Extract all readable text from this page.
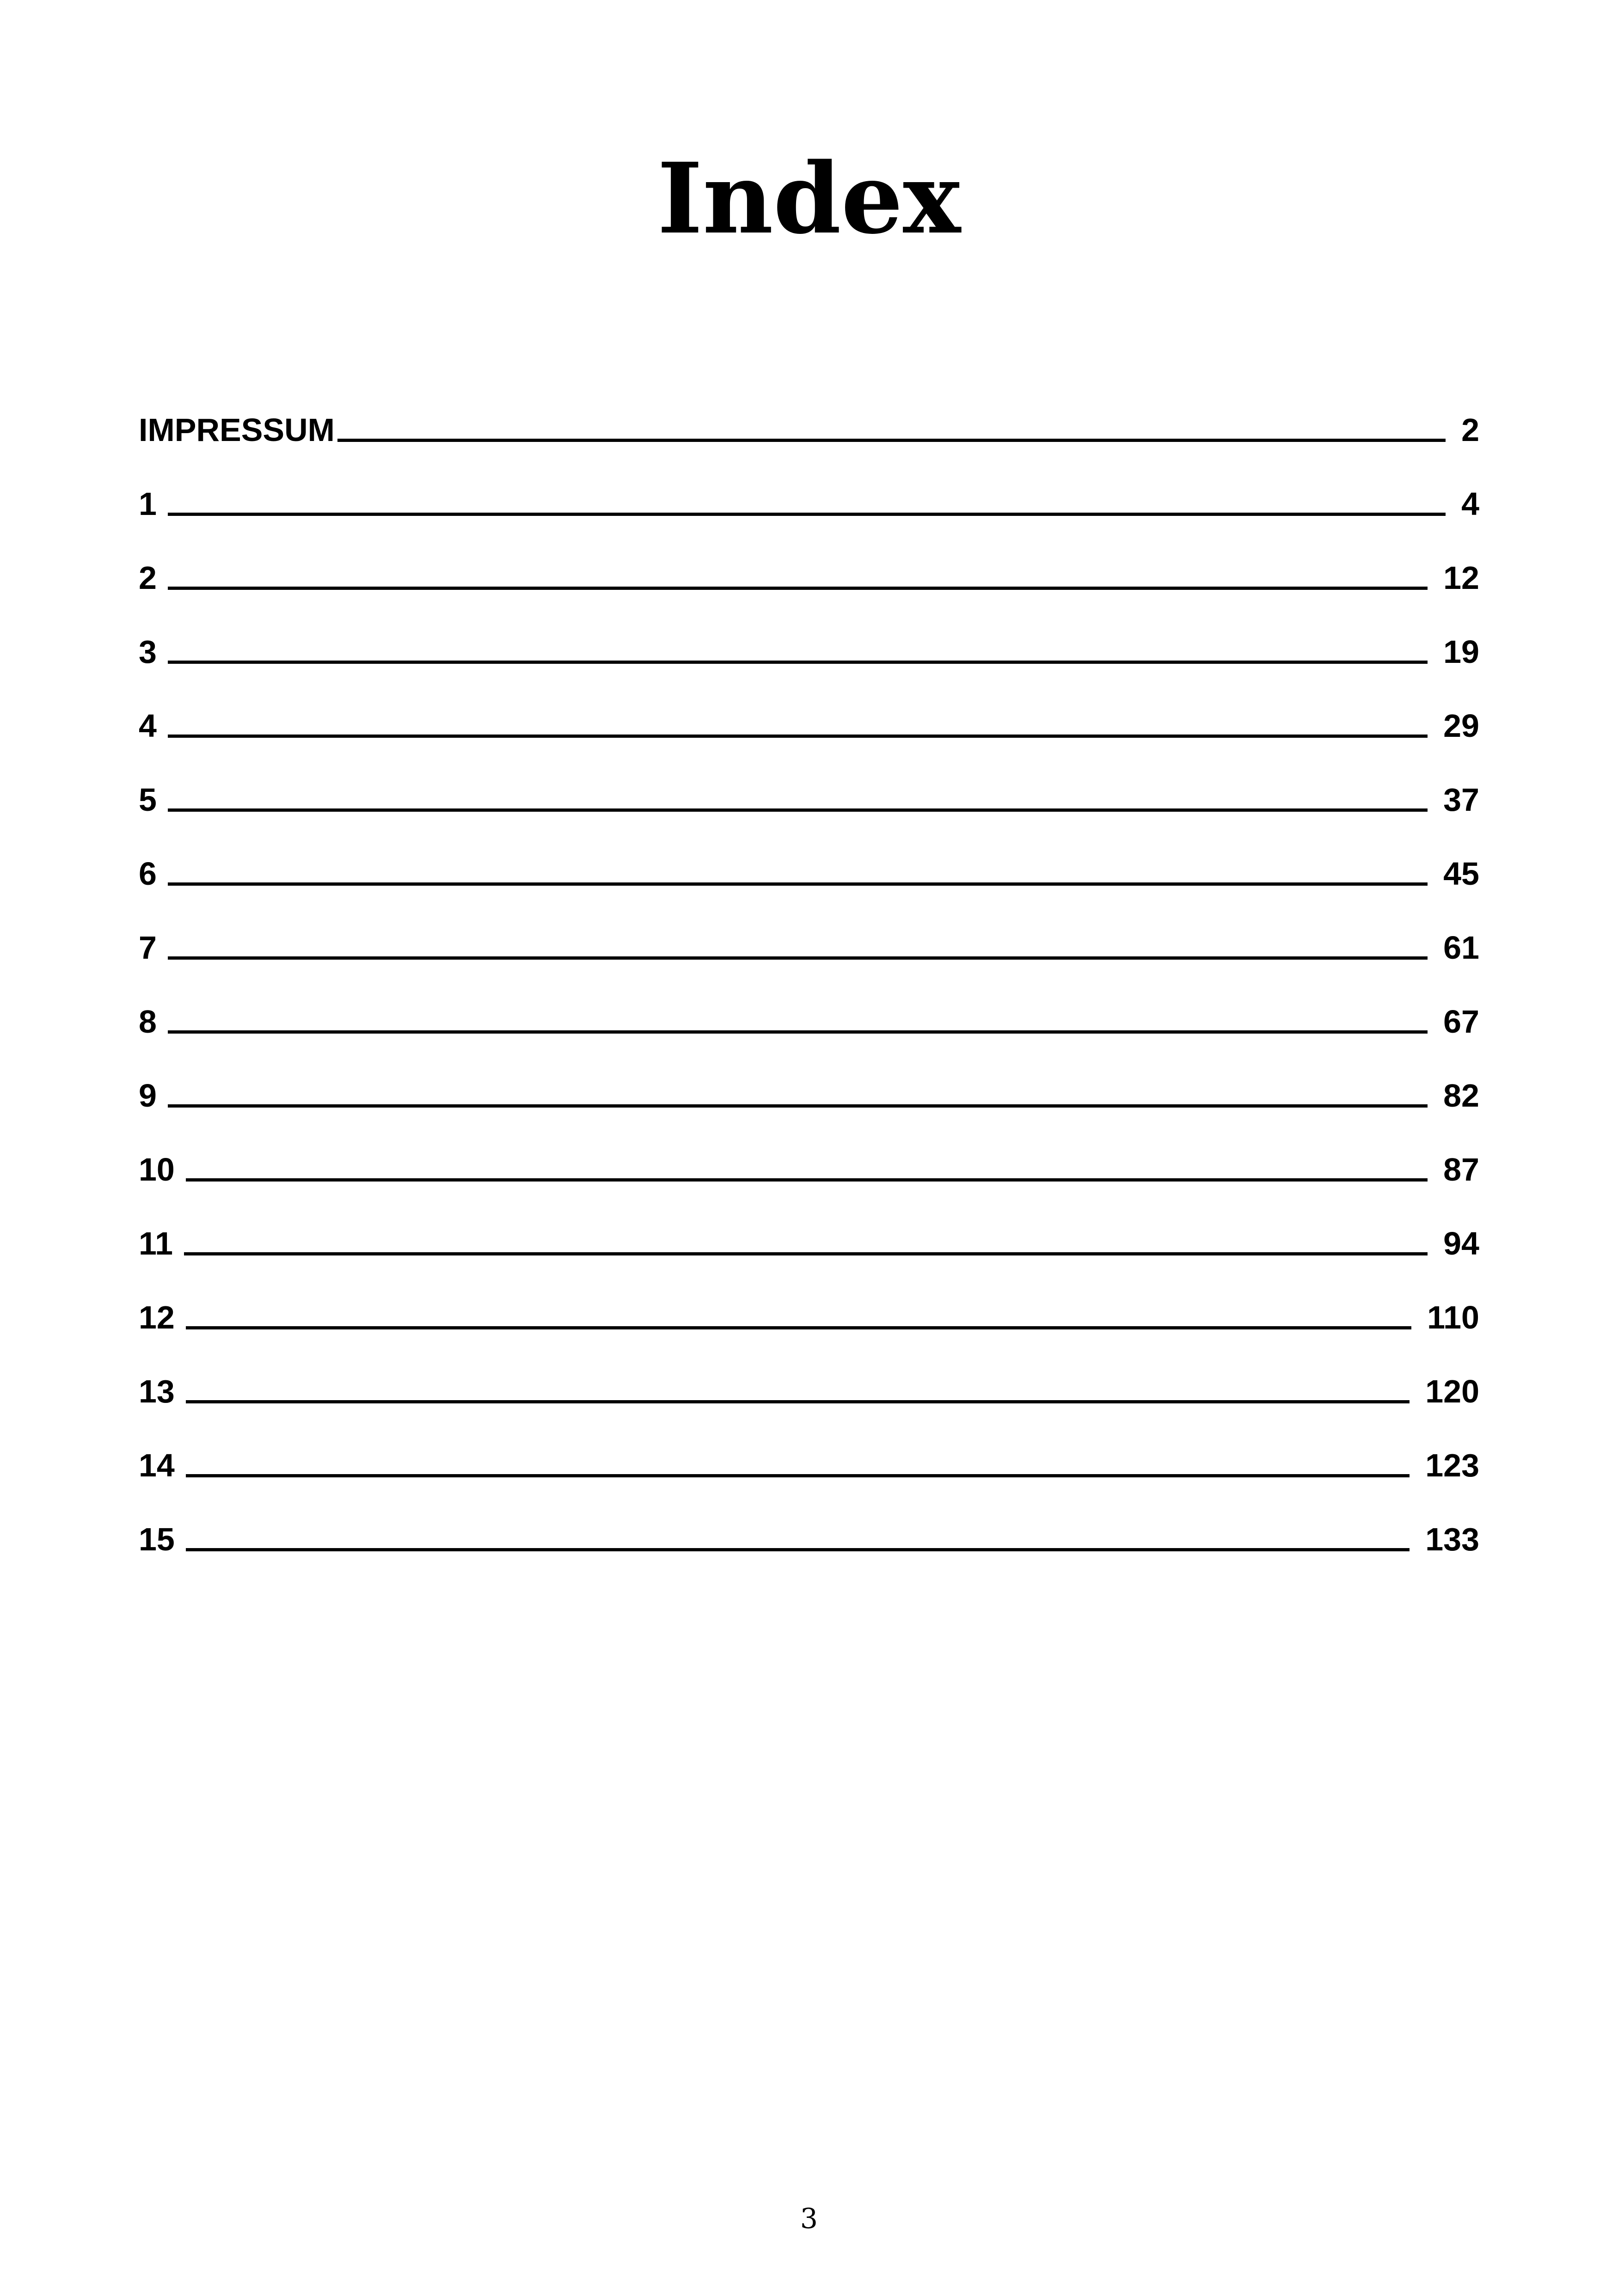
Index
IMPRESSUM	2
1	4
2	12
3	19
4	29
5	37
6	45
7	61
8	67
9	82
10	87
11	94
12	110
13	120
14	123
15	133
3
